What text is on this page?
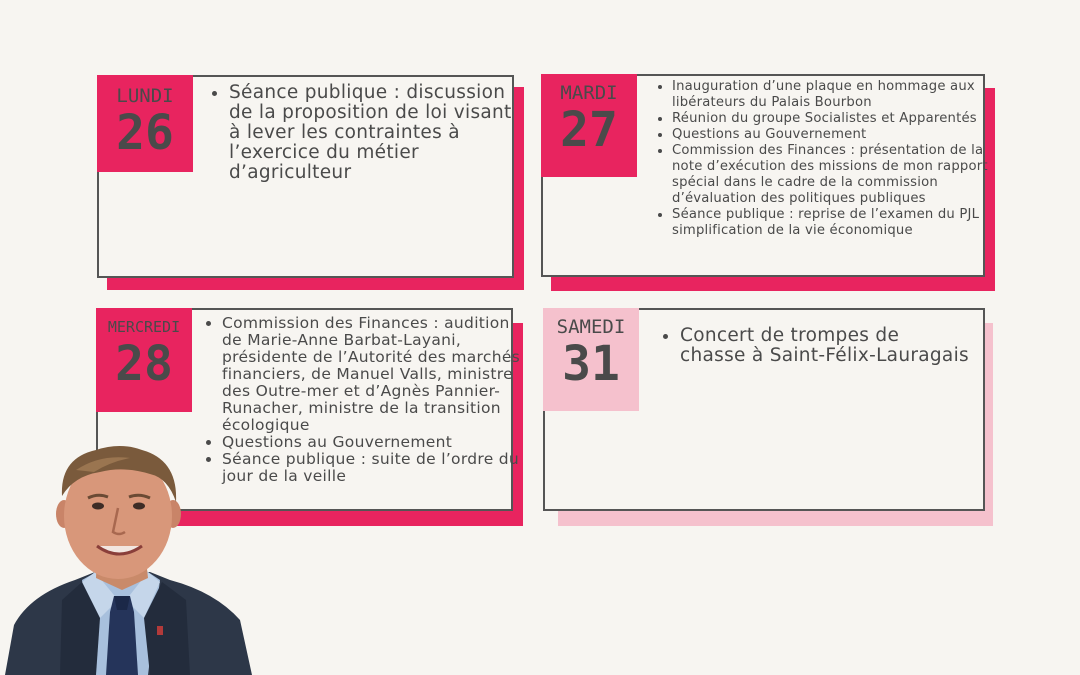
LUNDI
26
• Séance publique : discussion de la proposition de loi visant à lever les contraintes à l’exercice du métier d’agriculteur
MARDI
27
• Inauguration d’une plaque en hommage aux libérateurs du Palais Bourbon
• Réunion du groupe Socialistes et Apparentés
• Questions au Gouvernement
• Commission des Finances : présentation de la note d’exécution des missions de mon rapport spécial dans le cadre de la commission d’évaluation des politiques publiques
• Séance publique : reprise de l’examen du PJL simplification de la vie économique
MERCREDI
28
• Commission des Finances : audition de Marie-Anne Barbat-Layani, présidente de l’Autorité des marchés financiers, de Manuel Valls, ministre des Outre-mer et d’Agnès Pannier-Runacher, ministre de la transition écologique
• Questions au Gouvernement
• Séance publique : suite de l’ordre du jour de la veille
SAMEDI
31
• Concert de trompes de chasse à Saint-Félix-Lauragais
